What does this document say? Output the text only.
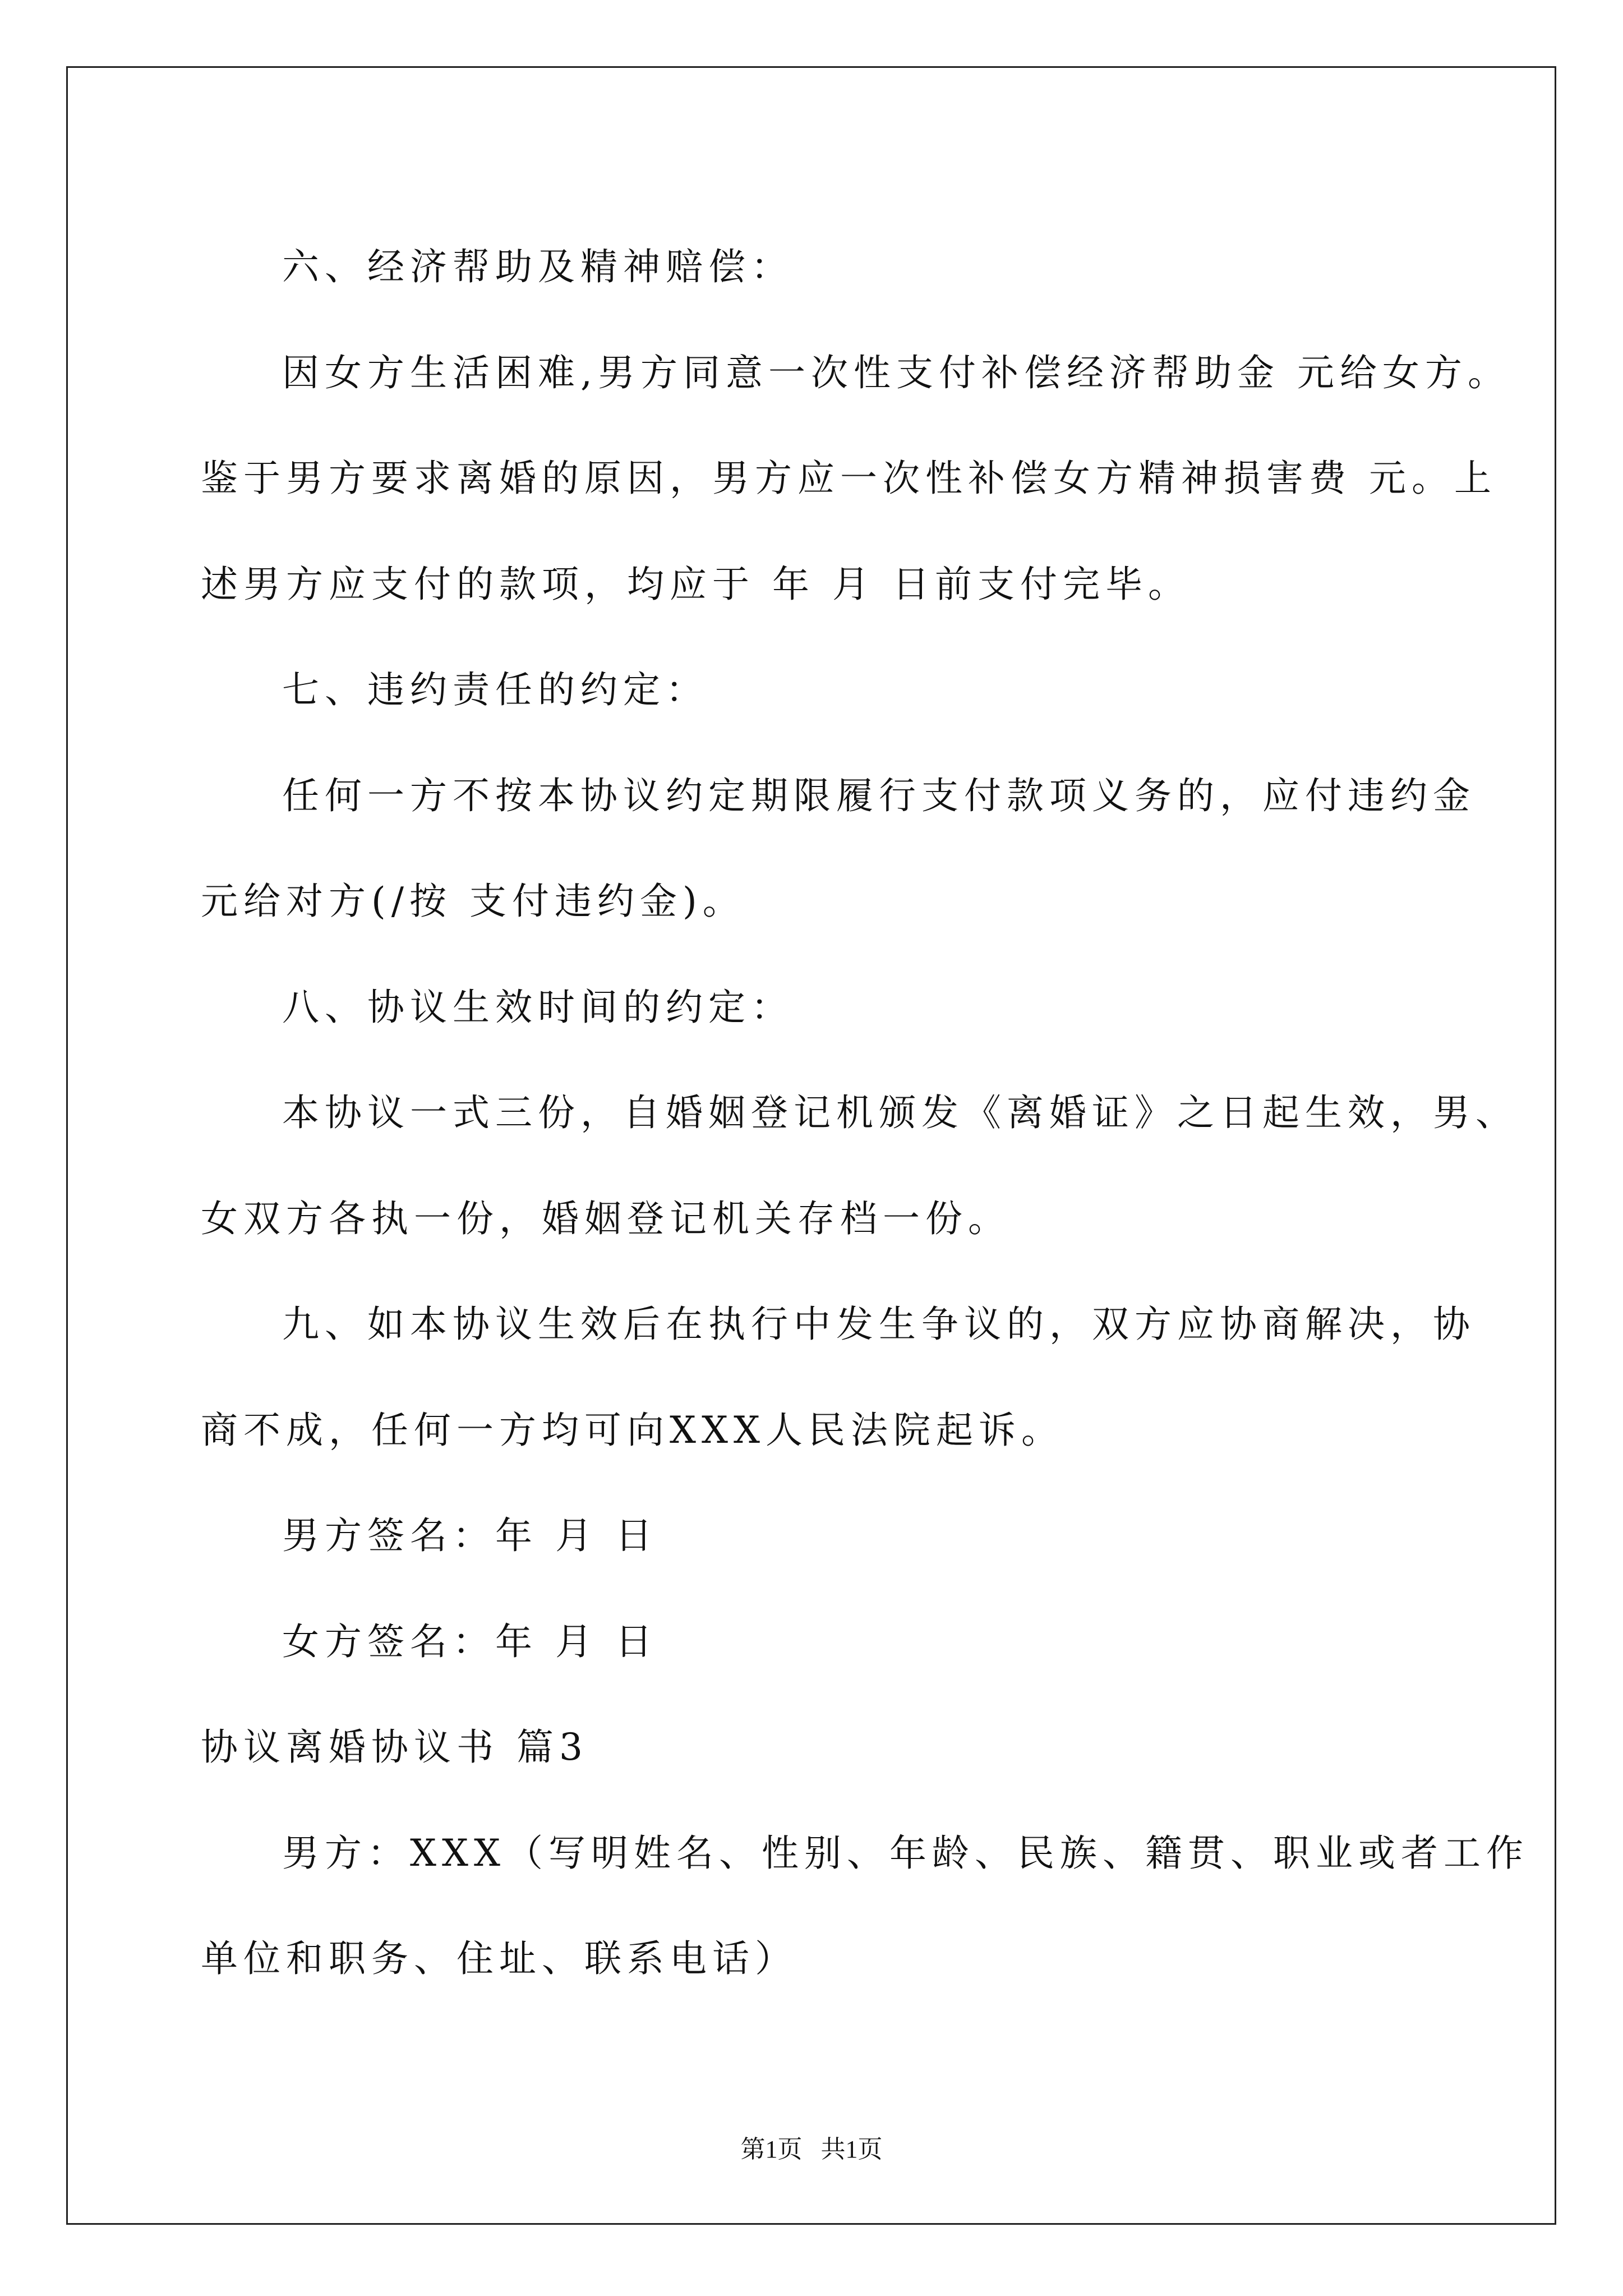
六、经济帮助及精神赔偿：
因女方生活困难,男方同意一次性支付补偿经济帮助金 元给女方。
鉴于男方要求离婚的原因，男方应一次性补偿女方精神损害费 元。上
述男方应支付的款项，均应于 年 月 日前支付完毕。
七、违约责任的约定：
任何一方不按本协议约定期限履行支付款项义务的，应付违约金
元给对方(/按 支付违约金)。
八、协议生效时间的约定：
本协议一式三份，自婚姻登记机颁发《离婚证》之日起生效，男、
女双方各执一份，婚姻登记机关存档一份。
九、如本协议生效后在执行中发生争议的，双方应协商解决，协
商不成，任何一方均可向XXX人民法院起诉。
男方签名：年 月 日
女方签名：年 月 日
协议离婚协议书 篇3
男方：XXX（写明姓名、性别、年龄、民族、籍贯、职业或者工作
单位和职务、住址、联系电话）
第1页   共1页
